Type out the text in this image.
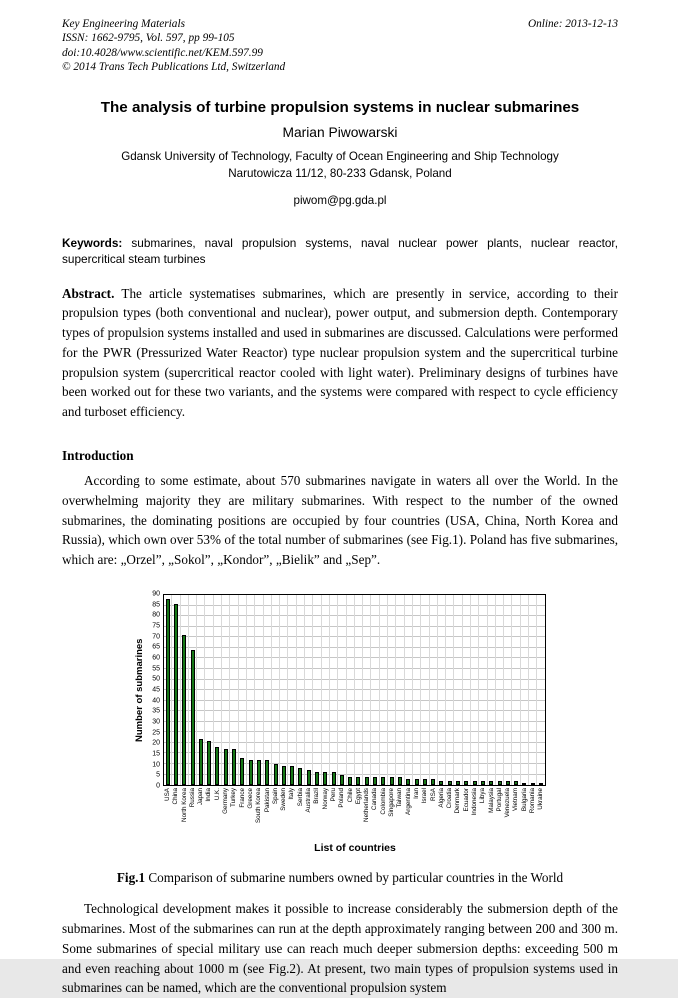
Key Engineering Materials
ISSN: 1662-9795, Vol. 597, pp 99-105
doi:10.4028/www.scientific.net/KEM.597.99
© 2014 Trans Tech Publications Ltd, Switzerland
Online: 2013-12-13
The analysis of turbine propulsion systems in nuclear submarines
Marian Piwowarski
Gdansk University of Technology, Faculty of Ocean Engineering and Ship Technology
Narutowicza 11/12, 80-233 Gdansk, Poland
piwom@pg.gda.pl

Keywords: submarines, naval propulsion systems, naval nuclear power plants, nuclear reactor, supercritical steam turbines

Abstract. The article systematises submarines, which are presently in service, according to their propulsion types (both conventional and nuclear), power output, and submersion depth. Contemporary types of propulsion systems installed and used in submarines are discussed. Calculations were performed for the PWR (Pressurized Water Reactor) type nuclear propulsion system and the supercritical turbine propulsion system (supercritical reactor cooled with light water). Preliminary designs of turbines have been worked out for these two variants, and the systems were compared with respect to cycle efficiency and turboset efficiency.

Introduction

According to some estimate, about 570 submarines navigate in waters all over the World. In the overwhelming majority they are military submarines. With respect to the number of the owned submarines, the dominating positions are occupied by four countries (USA, China, North Korea and Russia), which own over 53% of the total number of submarines (see Fig.1). Poland has five submarines, which are: „Orzel”, „Sokol”, „Kondor”, „Bielik” and „Sep”.

Number of submarines
0
5
10
15
20
25
30
35
40
45
50
55
60
65
70
75
80
85
90
USA China North Korea Russia Japan India U.K. Germany Turkey France Greece South Korea Pakistan Spain Sweden Italy Serbia Australia Brazil Norway Peru Poland Chile Egypt Netherlands Canada Colombia Singapore Taiwan Argentina Iran Israel RSA Algeria Croatia Denmark Ecuador Indonesia Libya Malaysia Portugal Venezuela Vietnam Bulgaria Romania Ukraine
List of countries

Fig.1 Comparison of submarine numbers owned by particular countries in the World

Technological development makes it possible to increase considerably the submersion depth of the submarines. Most of the submarines can run at the depth approximately ranging between 200 and 300 m. Some submarines of special military use can reach much deeper submersion depths: exceeding 500 m and even reaching about 1000 m (see Fig.2). At present, two main types of propulsion systems used in submarines can be named, which are the conventional propulsion system
